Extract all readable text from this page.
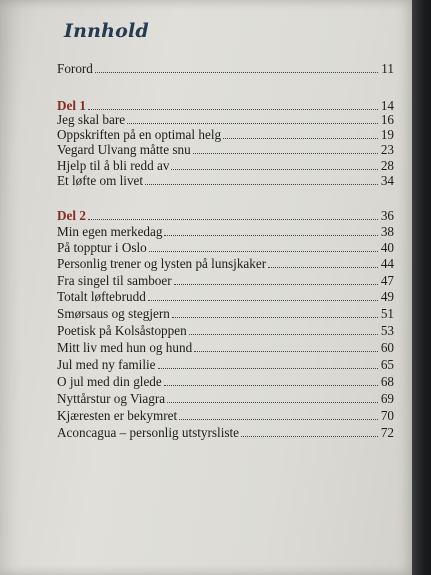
Innhold
Forord	11
Del 1	14
Jeg skal bare	16
Oppskriften på en optimal helg	19
Vegard Ulvang måtte snu	23
Hjelp til å bli redd av	28
Et løfte om livet	34
Del 2	36
Min egen merkedag	38
På topptur i Oslo	40
Personlig trener og lysten på lunsjkaker	44
Fra singel til samboer	47
Totalt løftebrudd	49
Smørsaus og stegjern	51
Poetisk på Kolsåstoppen	53
Mitt liv med hun og hund	60
Jul med ny familie	65
O jul med din glede	68
Nyttårstur og Viagra	69
Kjæresten er bekymret	70
Aconcagua – personlig utstyrsliste	72
